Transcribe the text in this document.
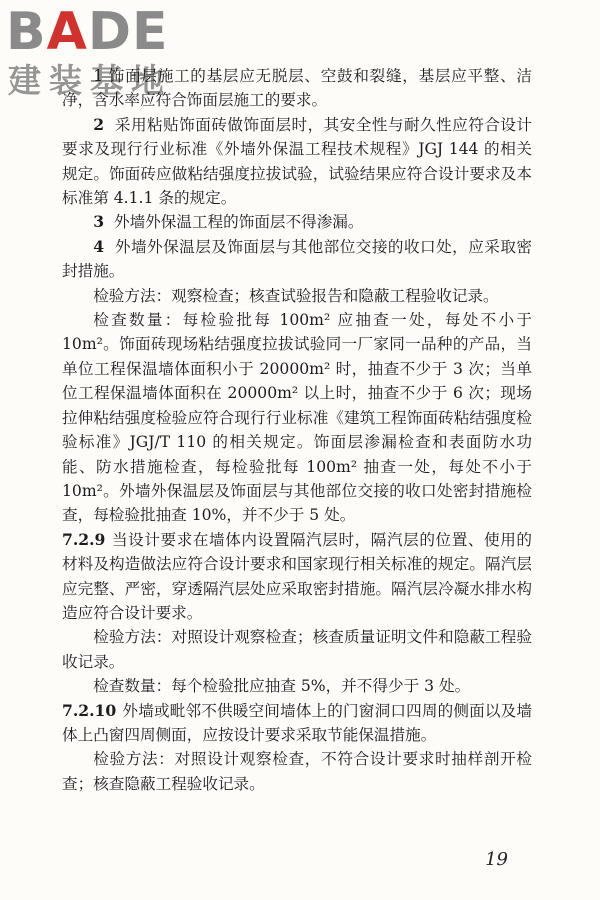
BADE
建装基地

1 饰面层施工的基层应无脱层、空鼓和裂缝，基层应平整、洁净，含水率应符合饰面层施工的要求。

2 采用粘贴饰面砖做饰面层时，其安全性与耐久性应符合设计要求及现行行业标准《外墙外保温工程技术规程》JGJ 144 的相关规定。饰面砖应做粘结强度拉拔试验，试验结果应符合设计要求及本标准第 4.1.1 条的规定。

3 外墙外保温工程的饰面层不得渗漏。

4 外墙外保温层及饰面层与其他部位交接的收口处，应采取密封措施。

检验方法：观察检查；核查试验报告和隐蔽工程验收记录。

检查数量：每检验批每 100m² 应抽查一处，每处不小于 10m²。饰面砖现场粘结强度拉拔试验同一厂家同一品种的产品，当单位工程保温墙体面积小于 20000m² 时，抽查不少于 3 次；当单位工程保温墙体面积在 20000m² 以上时，抽查不少于 6 次；现场拉伸粘结强度检验应符合现行行业标准《建筑工程饰面砖粘结强度检验标准》JGJ/T 110 的相关规定。饰面层渗漏检查和表面防水功能、防水措施检查，每检验批每 100m² 抽查一处，每处不小于 10m²。外墙外保温层及饰面层与其他部位交接的收口处密封措施检查，每检验批抽查 10%，并不少于 5 处。

7.2.9 当设计要求在墙体内设置隔汽层时，隔汽层的位置、使用的材料及构造做法应符合设计要求和国家现行相关标准的规定。隔汽层应完整、严密，穿透隔汽层处应采取密封措施。隔汽层冷凝水排水构造应符合设计要求。

检验方法：对照设计观察检查；核查质量证明文件和隐蔽工程验收记录。

检查数量：每个检验批应抽查 5%，并不得少于 3 处。

7.2.10 外墙或毗邻不供暖空间墙体上的门窗洞口四周的侧面以及墙体上凸窗四周侧面，应按设计要求采取节能保温措施。

检验方法：对照设计观察检查，不符合设计要求时抽样剖开检查；核查隐蔽工程验收记录。

19
